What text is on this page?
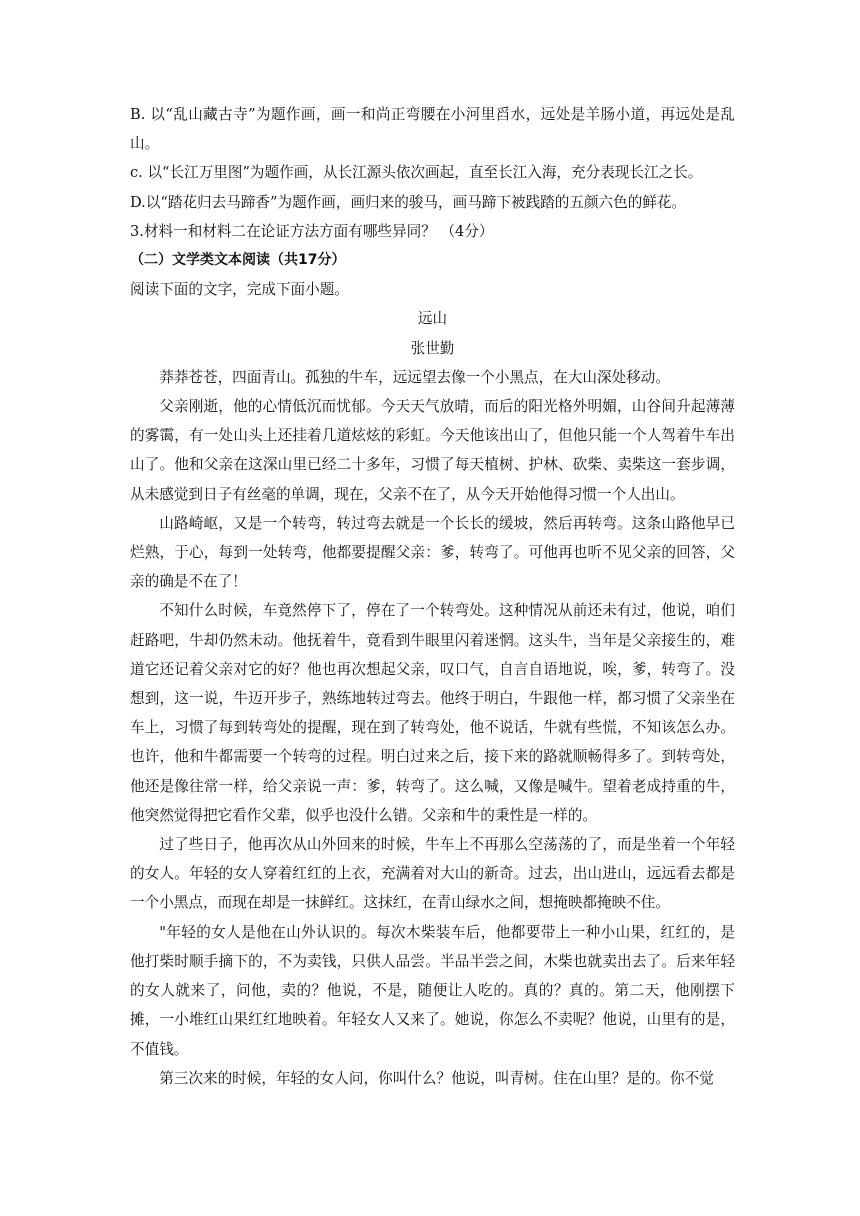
B. 以“乱山藏古寺”为题作画，画一和尚正弯腰在小河里舀水，远处是羊肠小道，再远处是乱山。

c. 以“长江万里图”为题作画，从长江源头依次画起，直至长江入海，充分表现长江之长。
D.以“踏花归去马蹄香”为题作画，画归来的骏马，画马蹄下被践踏的五颜六色的鲜花。
3.材料一和材料二在论证方法方面有哪些异同？ （4分）
（二）文学类文本阅读（共17分）
阅读下面的文字，完成下面小题。
远山
张世勤

莽莽苍苍，四面青山。孤独的牛车，远远望去像一个小黑点，在大山深处移动。

父亲刚逝，他的心情低沉而忧郁。今天天气放晴，而后的阳光格外明媚，山谷间升起薄薄的雾霭，有一处山头上还挂着几道炫炫的彩虹。今天他该出山了，但他只能一个人驾着牛车出山了。他和父亲在这深山里已经二十多年，习惯了每天植树、护林、砍柴、卖柴这一套步调，从未感觉到日子有丝毫的单调，现在，父亲不在了，从今天开始他得习惯一个人出山。

山路崎岖，又是一个转弯，转过弯去就是一个长长的缓坡，然后再转弯。这条山路他早已烂熟，于心，每到一处转弯，他都要提醒父亲：爹，转弯了。可他再也听不见父亲的回答，父亲的确是不在了！

不知什么时候，车竟然停下了，停在了一个转弯处。这种情况从前还未有过，他说，咱们赶路吧，牛却仍然未动。他抚着牛，竟看到牛眼里闪着迷惘。这头牛，当年是父亲接生的，难道它还记着父亲对它的好？他也再次想起父亲，叹口气，自言自语地说，唉，爹，转弯了。没想到，这一说，牛迈开步子，熟练地转过弯去。他终于明白，牛跟他一样，都习惯了父亲坐在车上，习惯了每到转弯处的提醒，现在到了转弯处，他不说话，牛就有些慌，不知该怎么办。也许，他和牛都需要一个转弯的过程。明白过来之后，接下来的路就顺畅得多了。到转弯处，他还是像往常一样，给父亲说一声：爹，转弯了。这么喊，又像是喊牛。望着老成持重的牛，他突然觉得把它看作父辈，似乎也没什么错。父亲和牛的秉性是一样的。

过了些日子，他再次从山外回来的时候，牛车上不再那么空荡荡的了，而是坐着一个年轻的女人。年轻的女人穿着红红的上衣，充满着对大山的新奇。过去，出山进山，远远看去都是一个小黑点，而现在却是一抹鲜红。这抹红，在青山绿水之间，想掩映都掩映不住。

"年轻的女人是他在山外认识的。每次木柴装车后，他都要带上一种小山果，红红的，是他打柴时顺手摘下的，不为卖钱，只供人品尝。半品半尝之间，木柴也就卖出去了。后来年轻的女人就来了，问他，卖的？他说，不是，随便让人吃的。真的？真的。第二天，他刚摆下摊，一小堆红山果红红地映着。年轻女人又来了。她说，你怎么不卖呢？他说，山里有的是，不值钱。

第三次来的时候，年轻的女人问，你叫什么？他说，叫青树。住在山里？是的。你不觉
